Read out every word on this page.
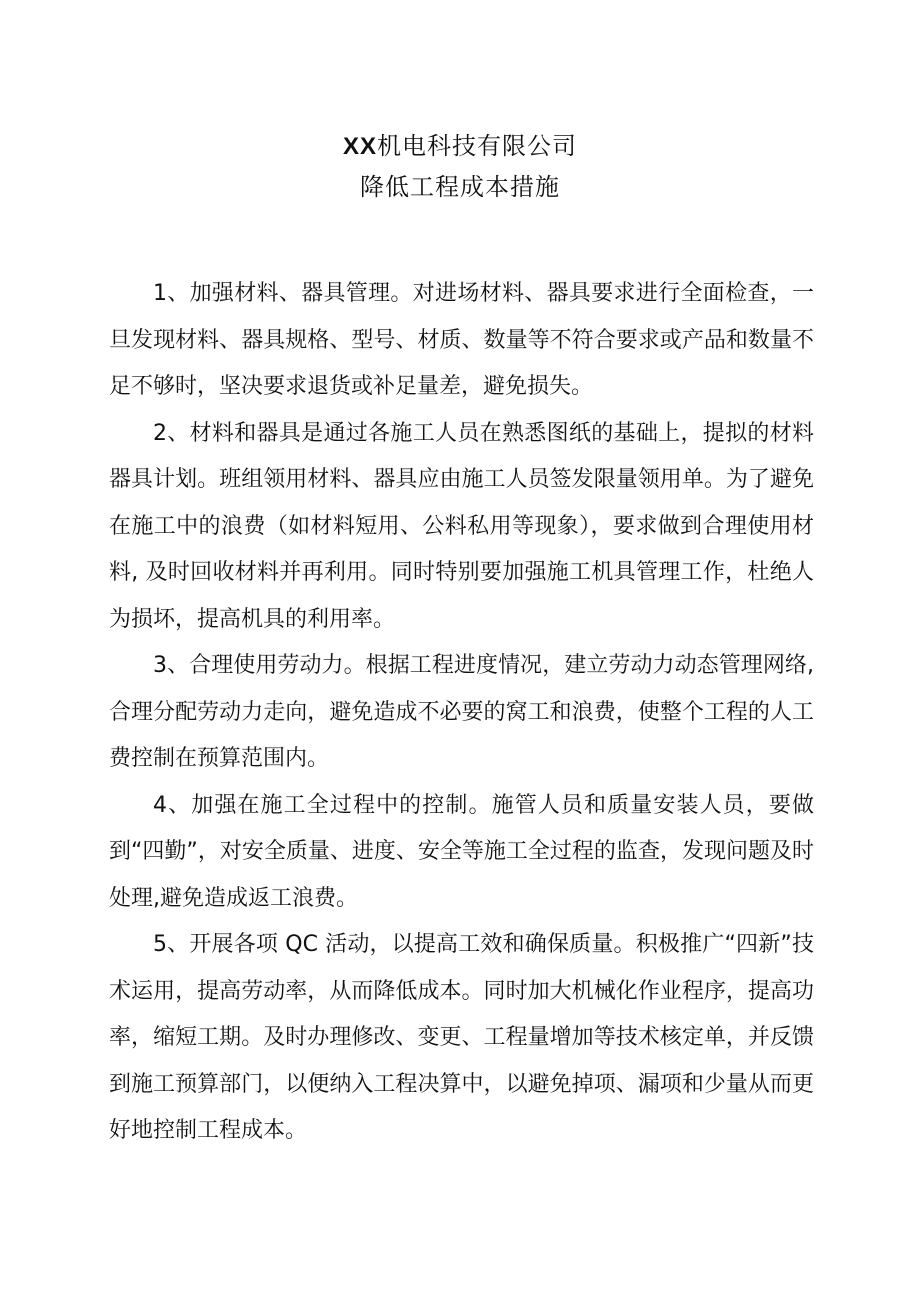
XX机电科技有限公司
降低工程成本措施

1、加强材料、器具管理。对进场材料、器具要求进行全面检查，一旦发现材料、器具规格、型号、材质、数量等不符合要求或产品和数量不足不够时，坚决要求退货或补足量差，避免损失。

2、材料和器具是通过各施工人员在熟悉图纸的基础上，提拟的材料器具计划。班组领用材料、器具应由施工人员签发限量领用单。为了避免在施工中的浪费（如材料短用、公料私用等现象），要求做到合理使用材料, 及时回收材料并再利用。同时特别要加强施工机具管理工作，杜绝人为损坏，提高机具的利用率。

3、合理使用劳动力。根据工程进度情况，建立劳动力动态管理网络, 合理分配劳动力走向，避免造成不必要的窝工和浪费，使整个工程的人工费控制在预算范围内。

4、加强在施工全过程中的控制。施管人员和质量安装人员，要做到“四勤”，对安全质量、进度、安全等施工全过程的监查，发现问题及时处理,避免造成返工浪费。

5、开展各项 QC 活动，以提高工效和确保质量。积极推广“四新”技术运用，提高劳动率，从而降低成本。同时加大机械化作业程序，提高功率，缩短工期。及时办理修改、变更、工程量增加等技术核定单，并反馈到施工预算部门，以便纳入工程决算中，以避免掉项、漏项和少量从而更好地控制工程成本。
